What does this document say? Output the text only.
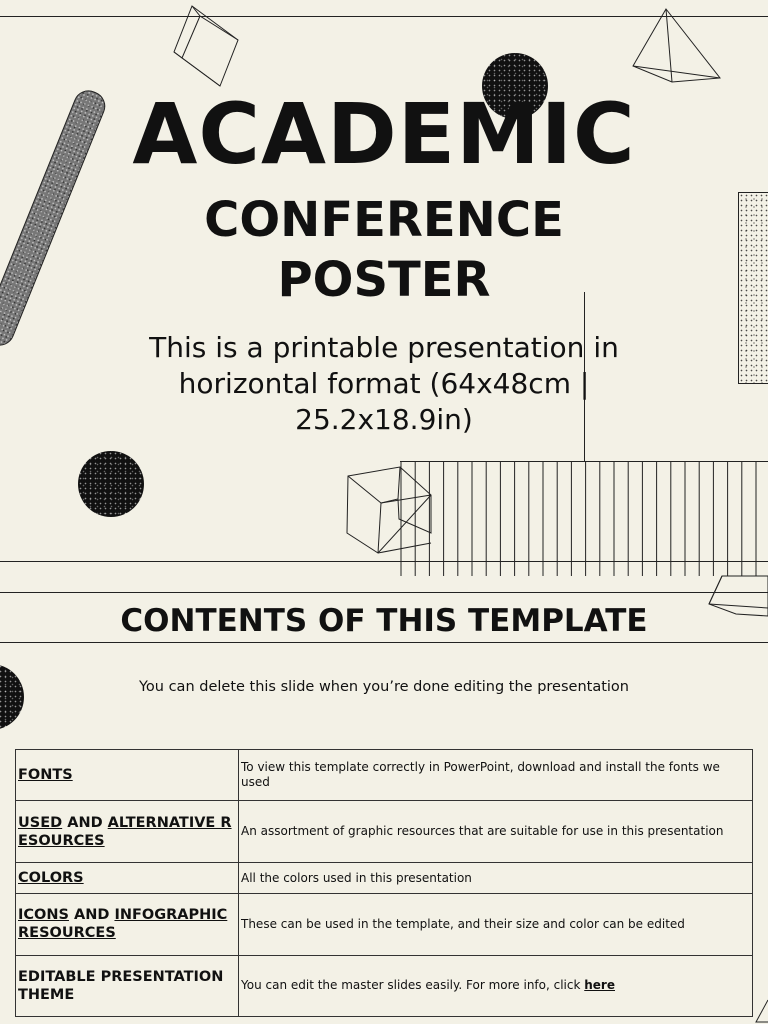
ACADEMIC
CONFERENCE
POSTER
This is a printable presentation in horizontal format (64x48cm | 25.2x18.9in)
CONTENTS OF THIS TEMPLATE
You can delete this slide when you’re done editing the presentation
FONTS	To view this template correctly in PowerPoint, download and install the fonts we used
USED AND ALTERNATIVE RESOURCES	An assortment of graphic resources that are suitable for use in this presentation
COLORS	All the colors used in this presentation
ICONS AND INFOGRAPHIC RESOURCES	These can be used in the template, and their size and color can be edited
EDITABLE PRESENTATION THEME	You can edit the master slides easily. For more info, click here
